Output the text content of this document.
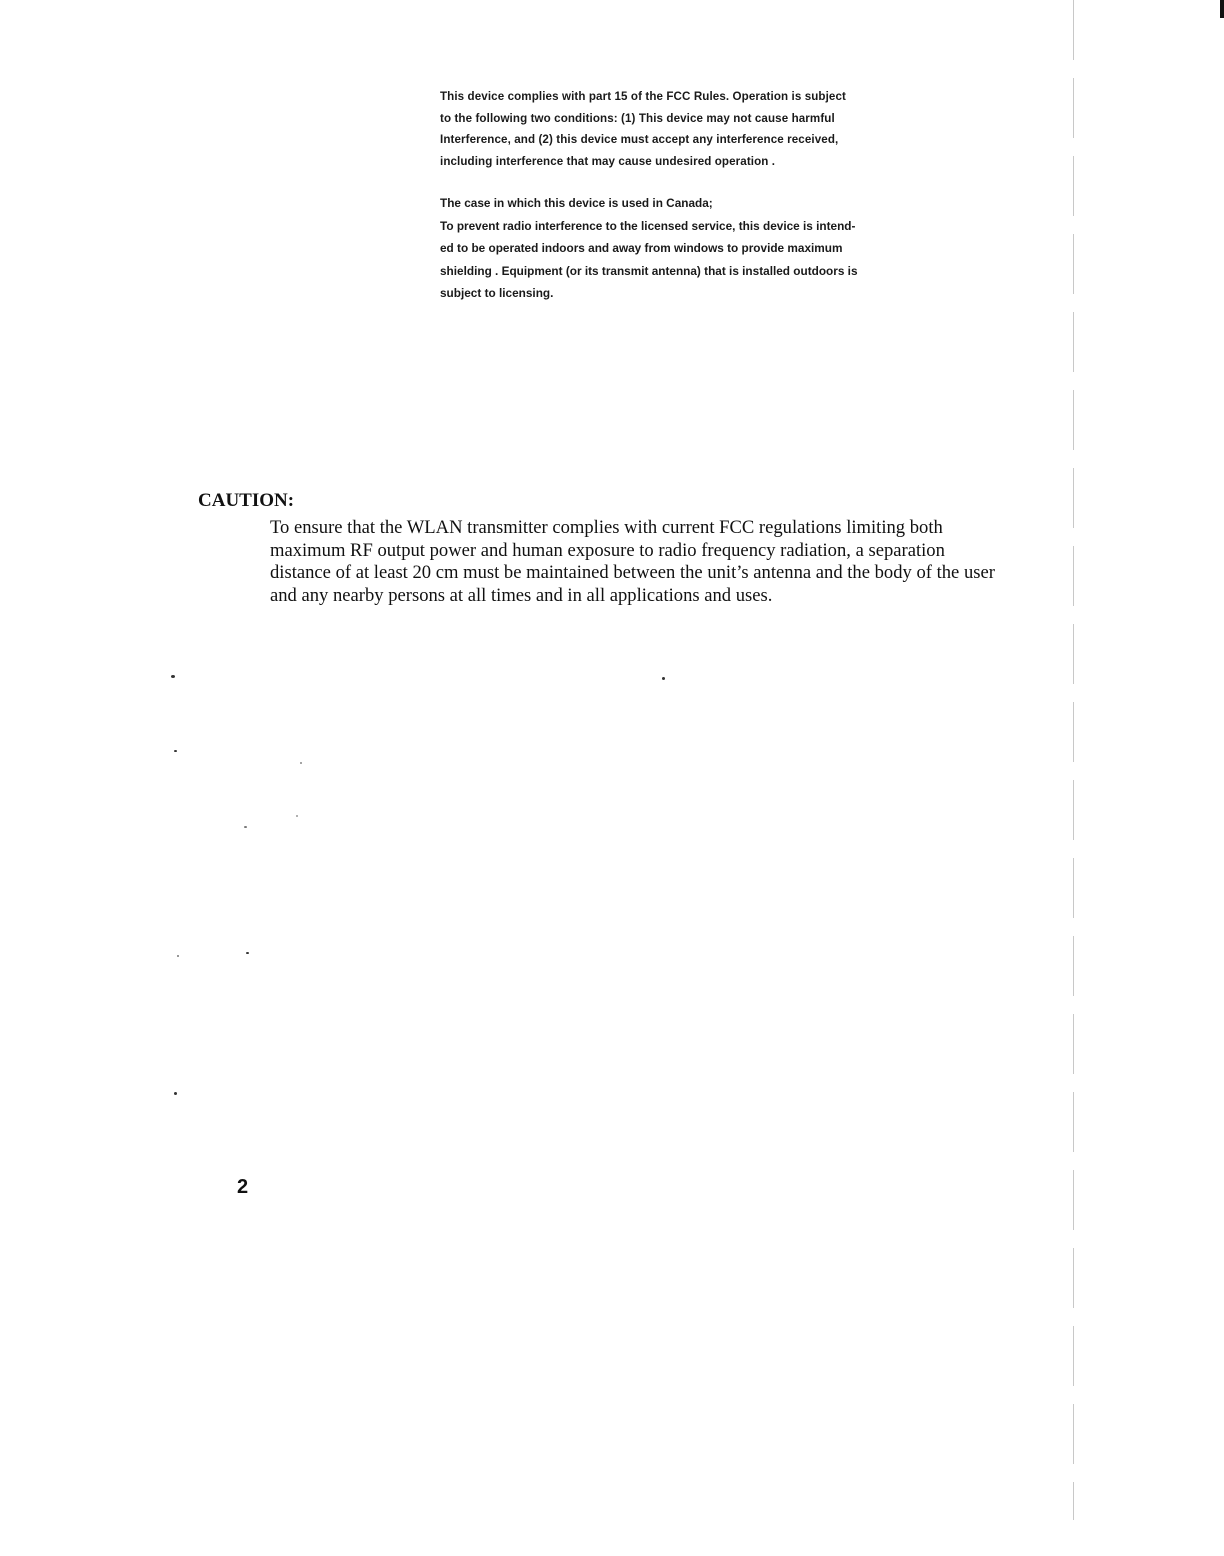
This device complies with part 15 of the FCC Rules. Operation is subject
to the following two conditions: (1) This device may not cause harmful
Interference, and (2) this device must accept any interference received,
including interference that may cause undesired operation .
The case in which this device is used in Canada;
To prevent radio interference to the licensed service, this device is intend-
ed to be operated indoors and away from windows to provide maximum
shielding . Equipment (or its transmit antenna) that is installed outdoors is
subject to licensing.
CAUTION:
To ensure that the WLAN transmitter complies with current FCC regulations limiting both
maximum RF output power and human exposure to radio frequency radiation, a separation
distance of at least 20 cm must be maintained between the unit’s antenna and the body of the user
and any nearby persons at all times and in all applications and uses.
2
